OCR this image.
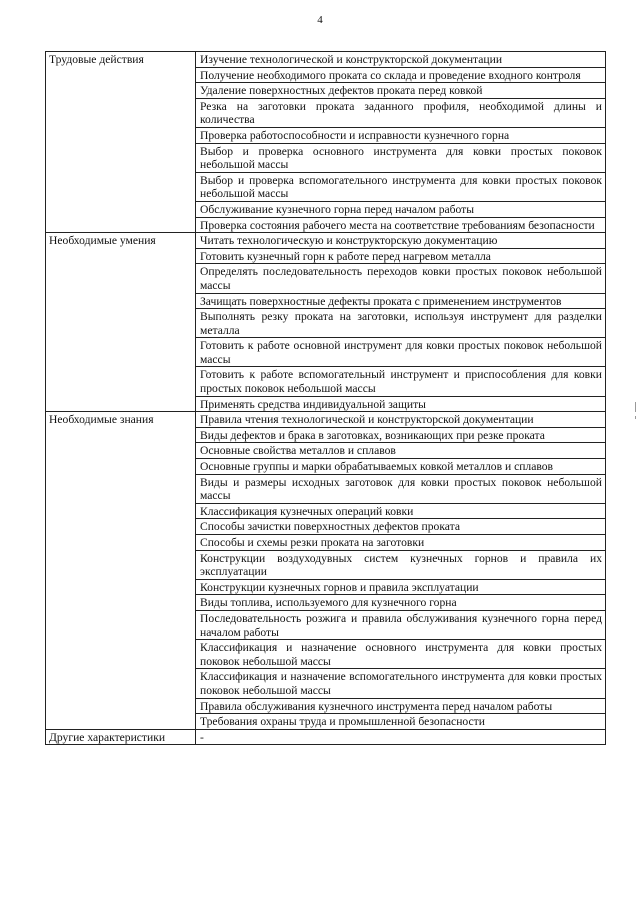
4
Трудовые действия	Изучение технологической и конструкторской документации
	Получение необходимого проката со склада и проведение входного контроля
	Удаление поверхностных дефектов проката перед ковкой
	Резка на заготовки проката заданного профиля, необходимой длины и количества
	Проверка работоспособности и исправности кузнечного горна
	Выбор и проверка основного инструмента для ковки простых поковок небольшой массы
	Выбор и проверка вспомогательного инструмента для ковки простых поковок небольшой массы
	Обслуживание кузнечного горна перед началом работы
	Проверка состояния рабочего места на соответствие требованиям безопасности
Необходимые умения	Читать технологическую и конструкторскую документацию
	Готовить кузнечный горн к работе перед нагревом металла
	Определять последовательность переходов ковки простых поковок небольшой массы
	Зачищать поверхностные дефекты проката с применением инструментов
	Выполнять резку проката на заготовки, используя инструмент для разделки металла
	Готовить к работе основной инструмент для ковки простых поковок небольшой массы
	Готовить к работе вспомогательный инструмент и приспособления для ковки простых поковок небольшой массы
	Применять средства индивидуальной защиты
Необходимые знания	Правила чтения технологической и конструкторской документации
	Виды дефектов и брака в заготовках, возникающих при резке проката
	Основные свойства металлов и сплавов
	Основные группы и марки обрабатываемых ковкой металлов и сплавов
	Виды и размеры исходных заготовок для ковки простых поковок небольшой массы
	Классификация кузнечных операций ковки
	Способы зачистки поверхностных дефектов проката
	Способы и схемы резки проката на заготовки
	Конструкции воздуходувных систем кузнечных горнов и правила их эксплуатации
	Конструкции кузнечных горнов и правила эксплуатации
	Виды топлива, используемого для кузнечного горна
	Последовательность розжига и правила обслуживания кузнечного горна перед началом работы
	Классификация и назначение основного инструмента для ковки простых поковок небольшой массы
	Классификация и назначение вспомогательного инструмента для ковки простых поковок небольшой массы
	Правила обслуживания кузнечного инструмента перед началом работы
	Требования охраны труда и промышленной безопасности
Другие характеристики	-
